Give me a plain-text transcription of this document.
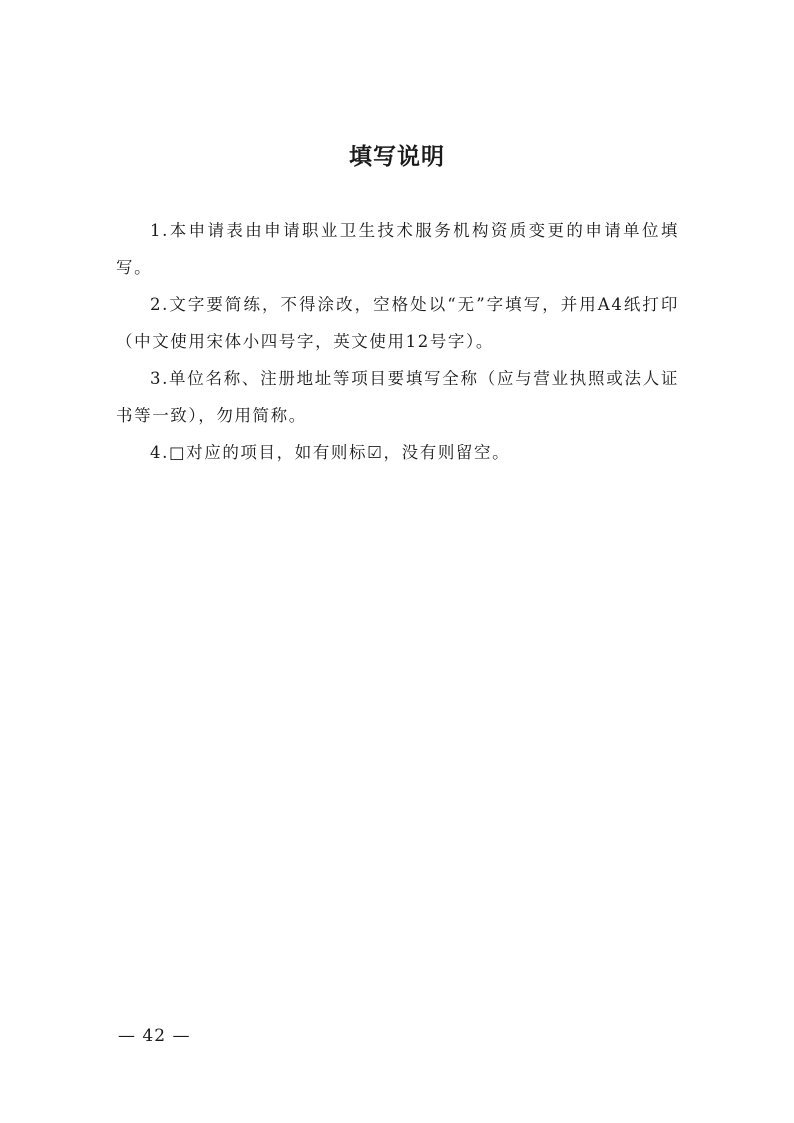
填写说明

1.本申请表由申请职业卫生技术服务机构资质变更的申请单位填写。

2.文字要简练，不得涂改，空格处以“无”字填写，并用A4纸打印（中文使用宋体小四号字，英文使用12号字）。

3.单位名称、注册地址等项目要填写全称（应与营业执照或法人证书等一致），勿用简称。

4.□对应的项目，如有则标☑，没有则留空。

— 42 —
